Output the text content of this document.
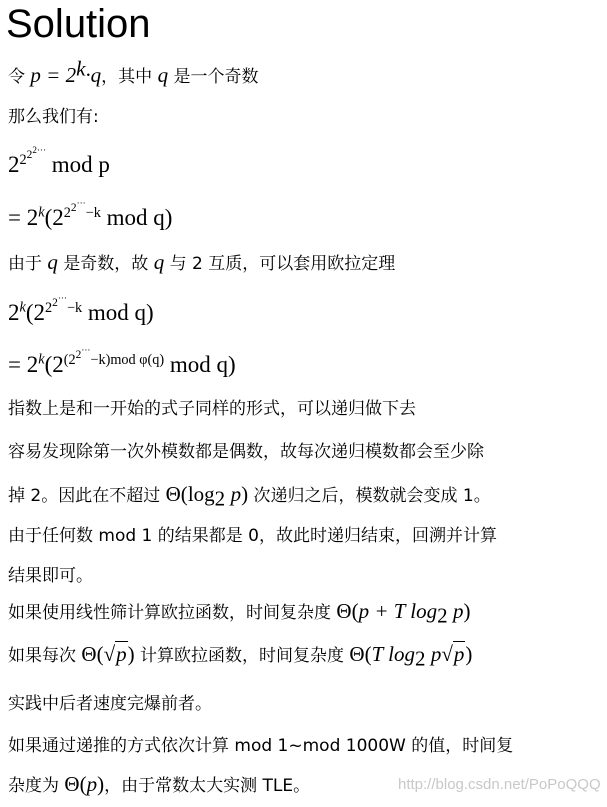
Solution
令 $p = 2^k\cdot q$，其中 q 是一个奇数
那么我们有:
$2^{2^{2^{2\cdot\cdot\cdot}}}$ mod p
= $2^k(2^{2^{2^{\cdot\cdot\cdot}}-k}$ mod q)
由于 q 是奇数，故 q 与 2 互质，可以套用欧拉定理
$2^k(2^{2^{2^{\cdot\cdot\cdot}}-k}$ mod q)
= $2^k(2^{(2^{2^{\cdot\cdot\cdot}}-k)mod \varphi(q)}$ mod q)
指数上是和一开始的式子同样的形式，可以递归做下去
容易发现除第一次外模数都是偶数，故每次递归模数都会至少除
掉 2。因此在不超过 $\Theta(\log_2$ p) 次递归之后，模数就会变成 1。
由于任何数 mod 1 的结果都是 0，故此时递归结束，回溯并计算
结果即可。
如果使用线性筛计算欧拉函数，时间复杂度 Θ(p + T $\log_2 p$)
如果每次 Θ(√p) 计算欧拉函数，时间复杂度 Θ(T $\log_2 p√p$)
实践中后者速度完爆前者。
如果通过递推的方式依次计算 mod 1~mod 1000W 的值，时间复
杂度为 Θ(p)，由于常数太大实测 TLE。	http://blog.csdn.net/PoPoQQQ
